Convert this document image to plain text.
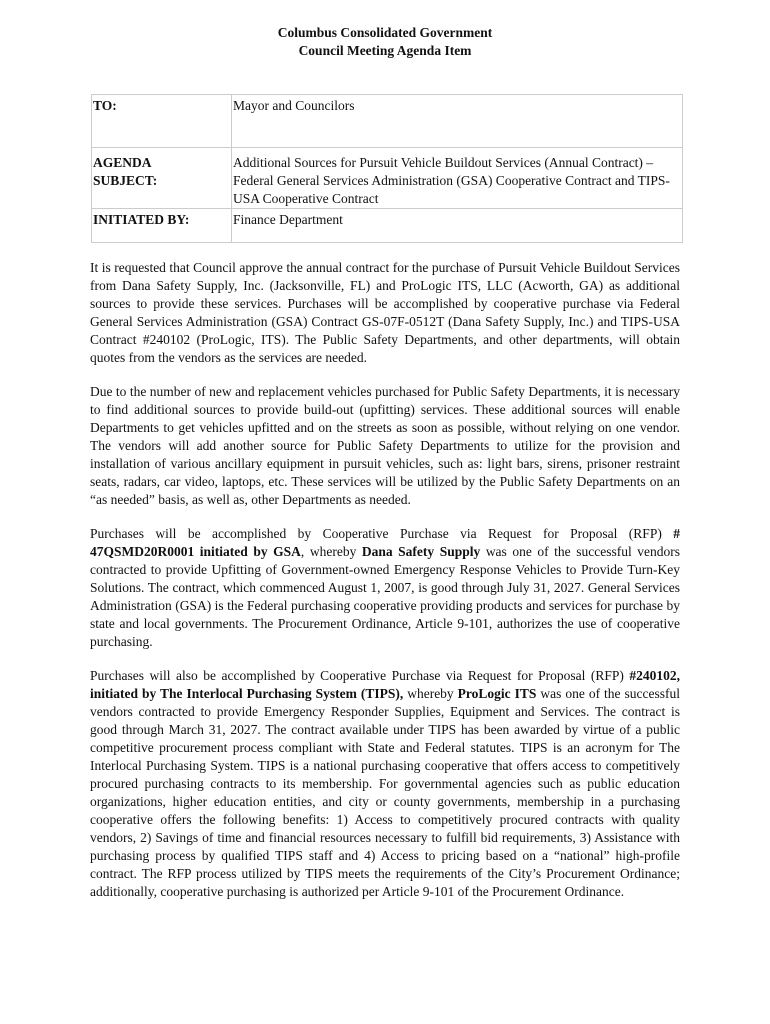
Columbus Consolidated Government

Council Meeting Agenda Item

TO:	Mayor and Councilors
AGENDA
SUBJECT:	Additional Sources for Pursuit Vehicle Buildout Services (Annual Contract) – Federal General Services Administration (GSA) Cooperative Contract and TIPS-USA Cooperative Contract
INITIATED BY:	Finance Department

It is requested that Council approve the annual contract for the purchase of Pursuit Vehicle Buildout Services from Dana Safety Supply, Inc. (Jacksonville, FL) and ProLogic ITS, LLC (Acworth, GA) as additional sources to provide these services. Purchases will be accomplished by cooperative purchase via Federal General Services Administration (GSA) Contract GS-07F-0512T (Dana Safety Supply, Inc.) and TIPS-USA Contract #240102 (ProLogic, ITS). The Public Safety Departments, and other departments, will obtain quotes from the vendors as the services are needed.

Due to the number of new and replacement vehicles purchased for Public Safety Departments, it is necessary to find additional sources to provide build-out (upfitting) services. These additional sources will enable Departments to get vehicles upfitted and on the streets as soon as possible, without relying on one vendor. The vendors will add another source for Public Safety Departments to utilize for the provision and installation of various ancillary equipment in pursuit vehicles, such as: light bars, sirens, prisoner restraint seats, radars, car video, laptops, etc. These services will be utilized by the Public Safety Departments on an “as needed” basis, as well as, other Departments as needed.

Purchases will be accomplished by Cooperative Purchase via Request for Proposal (RFP) # 47QSMD20R0001 initiated by GSA, whereby Dana Safety Supply was one of the successful vendors contracted to provide Upfitting of Government-owned Emergency Response Vehicles to Provide Turn-Key Solutions. The contract, which commenced August 1, 2007, is good through July 31, 2027. General Services Administration (GSA) is the Federal purchasing cooperative providing products and services for purchase by state and local governments. The Procurement Ordinance, Article 9-101, authorizes the use of cooperative purchasing.

Purchases will also be accomplished by Cooperative Purchase via Request for Proposal (RFP) #240102, initiated by The Interlocal Purchasing System (TIPS), whereby ProLogic ITS was one of the successful vendors contracted to provide Emergency Responder Supplies, Equipment and Services. The contract is good through March 31, 2027. The contract available under TIPS has been awarded by virtue of a public competitive procurement process compliant with State and Federal statutes. TIPS is an acronym for The Interlocal Purchasing System. TIPS is a national purchasing cooperative that offers access to competitively procured purchasing contracts to its membership. For governmental agencies such as public education organizations, higher education entities, and city or county governments, membership in a purchasing cooperative offers the following benefits: 1) Access to competitively procured contracts with quality vendors, 2) Savings of time and financial resources necessary to fulfill bid requirements, 3) Assistance with purchasing process by qualified TIPS staff and 4) Access to pricing based on a “national” high-profile contract. The RFP process utilized by TIPS meets the requirements of the City’s Procurement Ordinance; additionally, cooperative purchasing is authorized per Article 9-101 of the Procurement Ordinance.
